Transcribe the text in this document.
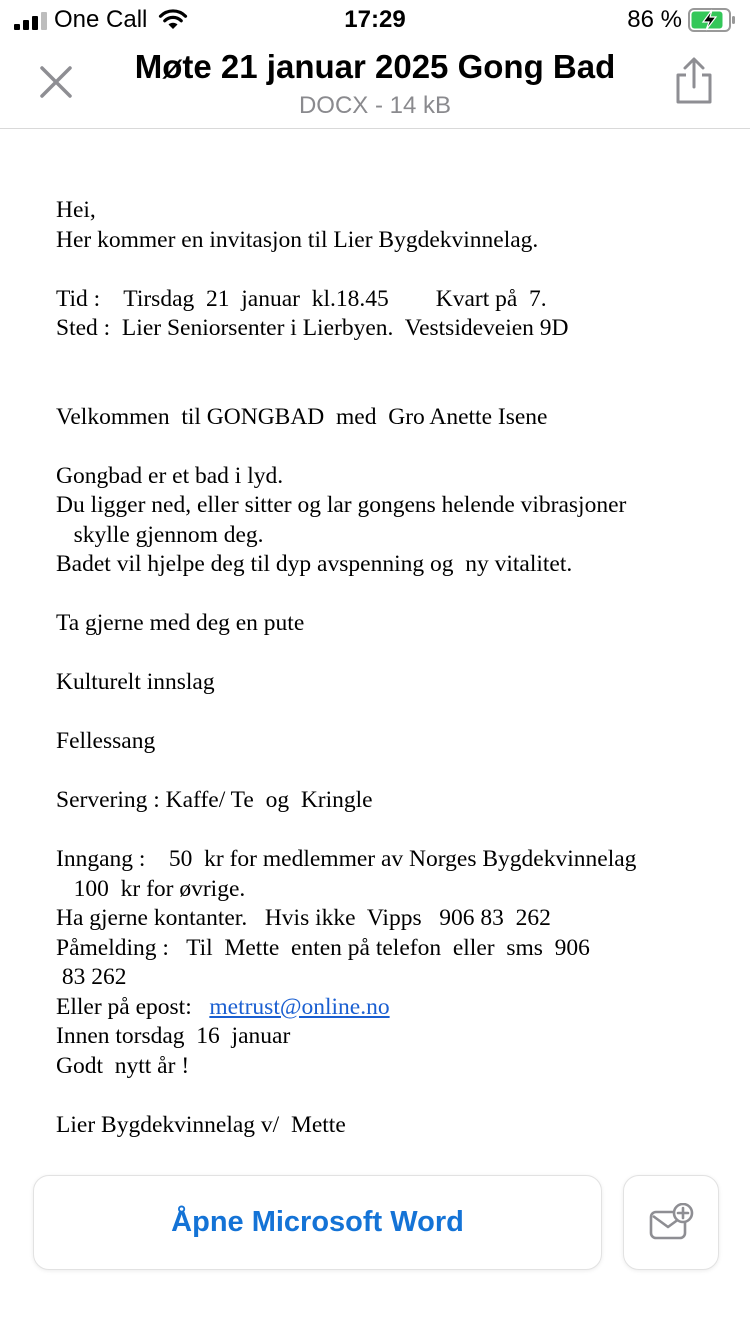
One Call	17:29	86 %
Møte 21 januar 2025 Gong Bad
DOCX - 14 kB

Hei,

Her kommer en invitasjon til Lier Bygdekvinnelag.

Tid :    Tirsdag  21  januar  kl.18.45        Kvart på  7.

Sted :  Lier Seniorsenter i Lierbyen.  Vestsideveien 9D

Velkommen  til GONGBAD  med  Gro Anette Isene

Gongbad er et bad i lyd.

Du ligger ned, eller sitter og lar gongens helende vibrasjoner

skylle gjennom deg.

Badet vil hjelpe deg til dyp avspenning og  ny vitalitet.

Ta gjerne med deg en pute

Kulturelt innslag

Fellessang

Servering : Kaffe/ Te  og  Kringle

Inngang :    50  kr for medlemmer av Norges Bygdekvinnelag

100  kr for øvrige.

Ha gjerne kontanter.   Hvis ikke  Vipps   906 83  262

Påmelding :   Til  Mette  enten på telefon  eller  sms  906

83 262

Eller på epost:   metrust@online.no

Innen torsdag  16  januar

Godt  nytt år !

Lier Bygdekvinnelag v/  Mette

Åpne Microsoft Word
